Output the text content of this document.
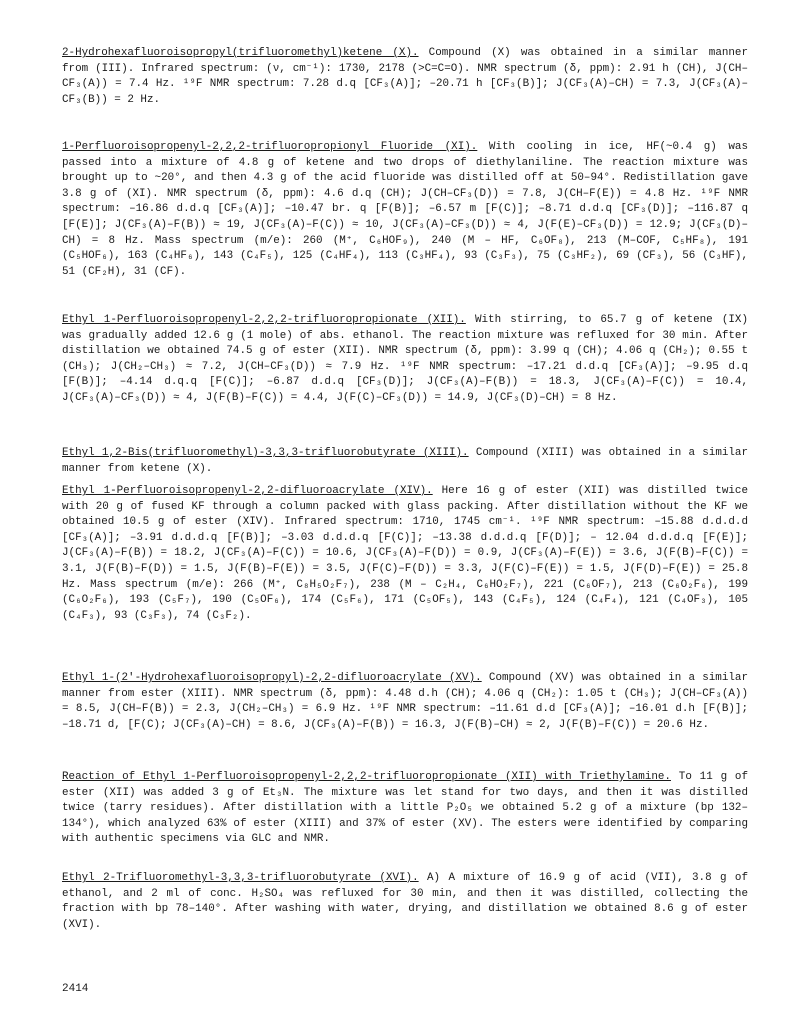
2-Hydrohexafluoroisopropyl(trifluoromethyl)ketene (X). Compound (X) was obtained in a similar manner from (III). Infrared spectrum: (ν, cm⁻¹): 1730, 2178 (>C=C=O). NMR spectrum (δ, ppm): 2.91 h (CH), J(CH–CF₃(A)) = 7.4 Hz. ¹⁹F NMR spectrum: 7.28 d.q [CF₃(A)]; –20.71 h [CF₃(B)]; J(CF₃(A)–CH) = 7.3, J(CF₃(A)–CF₃(B)) = 2 Hz.
1-Perfluoroisopropenyl-2,2,2-trifluoropropionyl Fluoride (XI). With cooling in ice, HF(~0.4 g) was passed into a mixture of 4.8 g of ketene and two drops of diethylaniline. The reaction mixture was brought up to ~20°, and then 4.3 g of the acid fluoride was distilled off at 50–94°. Redistillation gave 3.8 g of (XI). NMR spectrum (δ, ppm): 4.6 d.q (CH); J(CH–CF₃(D)) = 7.8, J(CH–F(E)) = 4.8 Hz. ¹⁹F NMR spectrum: –16.86 d.d.q [CF₃(A)]; –10.47 br. q [F(B)]; –6.57 m [F(C)]; –8.71 d.d.q [CF₃(D)]; –116.87 q [F(E)]; J(CF₃(A)–F(B)) ≈ 19, J(CF₃(A)–F(C)) ≈ 10, J(CF₃(A)–CF₃(D)) ≈ 4, J(F(E)–CF₃(D)) = 12.9; J(CF₃(D)–CH) = 8 Hz. Mass spectrum (m/e): 260 (M⁺, C₆HOF₉), 240 (M – HF, C₆OF₈), 213 (M–COF, C₅HF₈), 191 (C₅HOF₆), 163 (C₄HF₆), 143 (C₄F₅), 125 (C₄HF₄), 113 (C₃HF₄), 93 (C₃F₃), 75 (C₃HF₂), 69 (CF₃), 56 (C₃HF), 51 (CF₂H), 31 (CF).
Ethyl 1-Perfluoroisopropenyl-2,2,2-trifluoropropionate (XII). With stirring, to 65.7 g of ketene (IX) was gradually added 12.6 g (1 mole) of abs. ethanol. The reaction mixture was refluxed for 30 min. After distillation we obtained 74.5 g of ester (XII). NMR spectrum (δ, ppm): 3.99 q (CH); 4.06 q (CH₂); 0.55 t (CH₃); J(CH₂–CH₃) ≈ 7.2, J(CH–CF₃(D)) ≈ 7.9 Hz. ¹⁹F NMR spectrum: –17.21 d.d.q [CF₃(A)]; –9.95 d.q [F(B)]; –4.14 d.q.q [F(C)]; –6.87 d.d.q [CF₃(D)]; J(CF₃(A)–F(B)) = 18.3, J(CF₃(A)–F(C)) = 10.4, J(CF₃(A)–CF₃(D)) ≈ 4, J(F(B)–F(C)) = 4.4, J(F(C)–CF₃(D)) = 14.9, J(CF₃(D)–CH) = 8 Hz.
Ethyl 1,2-Bis(trifluoromethyl)-3,3,3-trifluorobutyrate (XIII). Compound (XIII) was obtained in a similar manner from ketene (X).
Ethyl 1-Perfluoroisopropenyl-2,2-difluoroacrylate (XIV). Here 16 g of ester (XII) was distilled twice with 20 g of fused KF through a column packed with glass packing. After distillation without the KF we obtained 10.5 g of ester (XIV). Infrared spectrum: 1710, 1745 cm⁻¹. ¹⁹F NMR spectrum: –15.88 d.d.d.d [CF₃(A)]; –3.91 d.d.d.q [F(B)]; –3.03 d.d.d.q [F(C)]; –13.38 d.d.d.q [F(D)]; – 12.04 d.d.d.q [F(E)]; J(CF₃(A)–F(B)) = 18.2, J(CF₃(A)–F(C)) = 10.6, J(CF₃(A)–F(D)) = 0.9, J(CF₃(A)–F(E)) = 3.6, J(F(B)–F(C)) = 3.1, J(F(B)–F(D)) = 1.5, J(F(B)–F(E)) = 3.5, J(F(C)–F(D)) = 3.3, J(F(C)–F(E)) = 1.5, J(F(D)–F(E)) = 25.8 Hz. Mass spectrum (m/e): 266 (M⁺, C₈H₅O₂F₇), 238 (M – C₂H₄, C₆HO₂F₇), 221 (C₆OF₇), 213 (C₆O₂F₆), 199 (C₆O₂F₆), 193 (C₅F₇), 190 (C₅OF₆), 174 (C₅F₆), 171 (C₅OF₅), 143 (C₄F₅), 124 (C₄F₄), 121 (C₄OF₃), 105 (C₄F₃), 93 (C₃F₃), 74 (C₃F₂).
Ethyl 1-(2'-Hydrohexafluoroisopropyl)-2,2-difluoroacrylate (XV). Compound (XV) was obtained in a similar manner from ester (XIII). NMR spectrum (δ, ppm): 4.48 d.h (CH); 4.06 q (CH₂): 1.05 t (CH₃); J(CH–CF₃(A)) = 8.5, J(CH–F(B)) = 2.3, J(CH₂–CH₃) = 6.9 Hz. ¹⁹F NMR spectrum: –11.61 d.d [CF₃(A)]; –16.01 d.h [F(B)]; –18.71 d, [F(C); J(CF₃(A)–CH) = 8.6, J(CF₃(A)–F(B)) = 16.3, J(F(B)–CH) ≈ 2, J(F(B)–F(C)) = 20.6 Hz.
Reaction of Ethyl 1-Perfluoroisopropenyl-2,2,2-trifluoropropionate (XII) with Triethylamine. To 11 g of ester (XII) was added 3 g of Et₃N. The mixture was let stand for two days, and then it was distilled twice (tarry residues). After distillation with a little P₂O₅ we obtained 5.2 g of a mixture (bp 132–134°), which analyzed 63% of ester (XIII) and 37% of ester (XV). The esters were identified by comparing with authentic specimens via GLC and NMR.
Ethyl 2-Trifluoromethyl-3,3,3-trifluorobutyrate (XVI). A) A mixture of 16.9 g of acid (VII), 3.8 g of ethanol, and 2 ml of conc. H₂SO₄ was refluxed for 30 min, and then it was distilled, collecting the fraction with bp 78–140°. After washing with water, drying, and distillation we obtained 8.6 g of ester (XVI).
2414
